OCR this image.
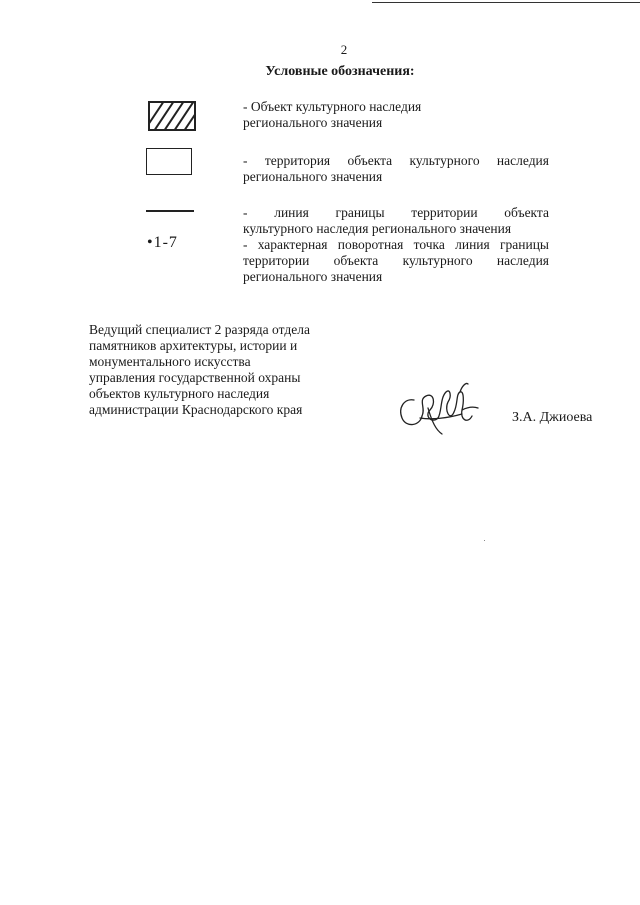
2
Условные обозначения:
•1-7
- Объект культурного наследия
регионального значения
- территория объекта культурного наследия
регионального значения
- линия границы территории объекта
культурного наследия регионального значения
- характерная поворотная точка линия границы
территории объекта культурного наследия
регионального значения
Ведущий специалист 2 разряда отдела
памятников архитектуры, истории и
монументального искусства
управления государственной охраны
объектов культурного наследия
администрации Краснодарского края
З.А. Джиоева
